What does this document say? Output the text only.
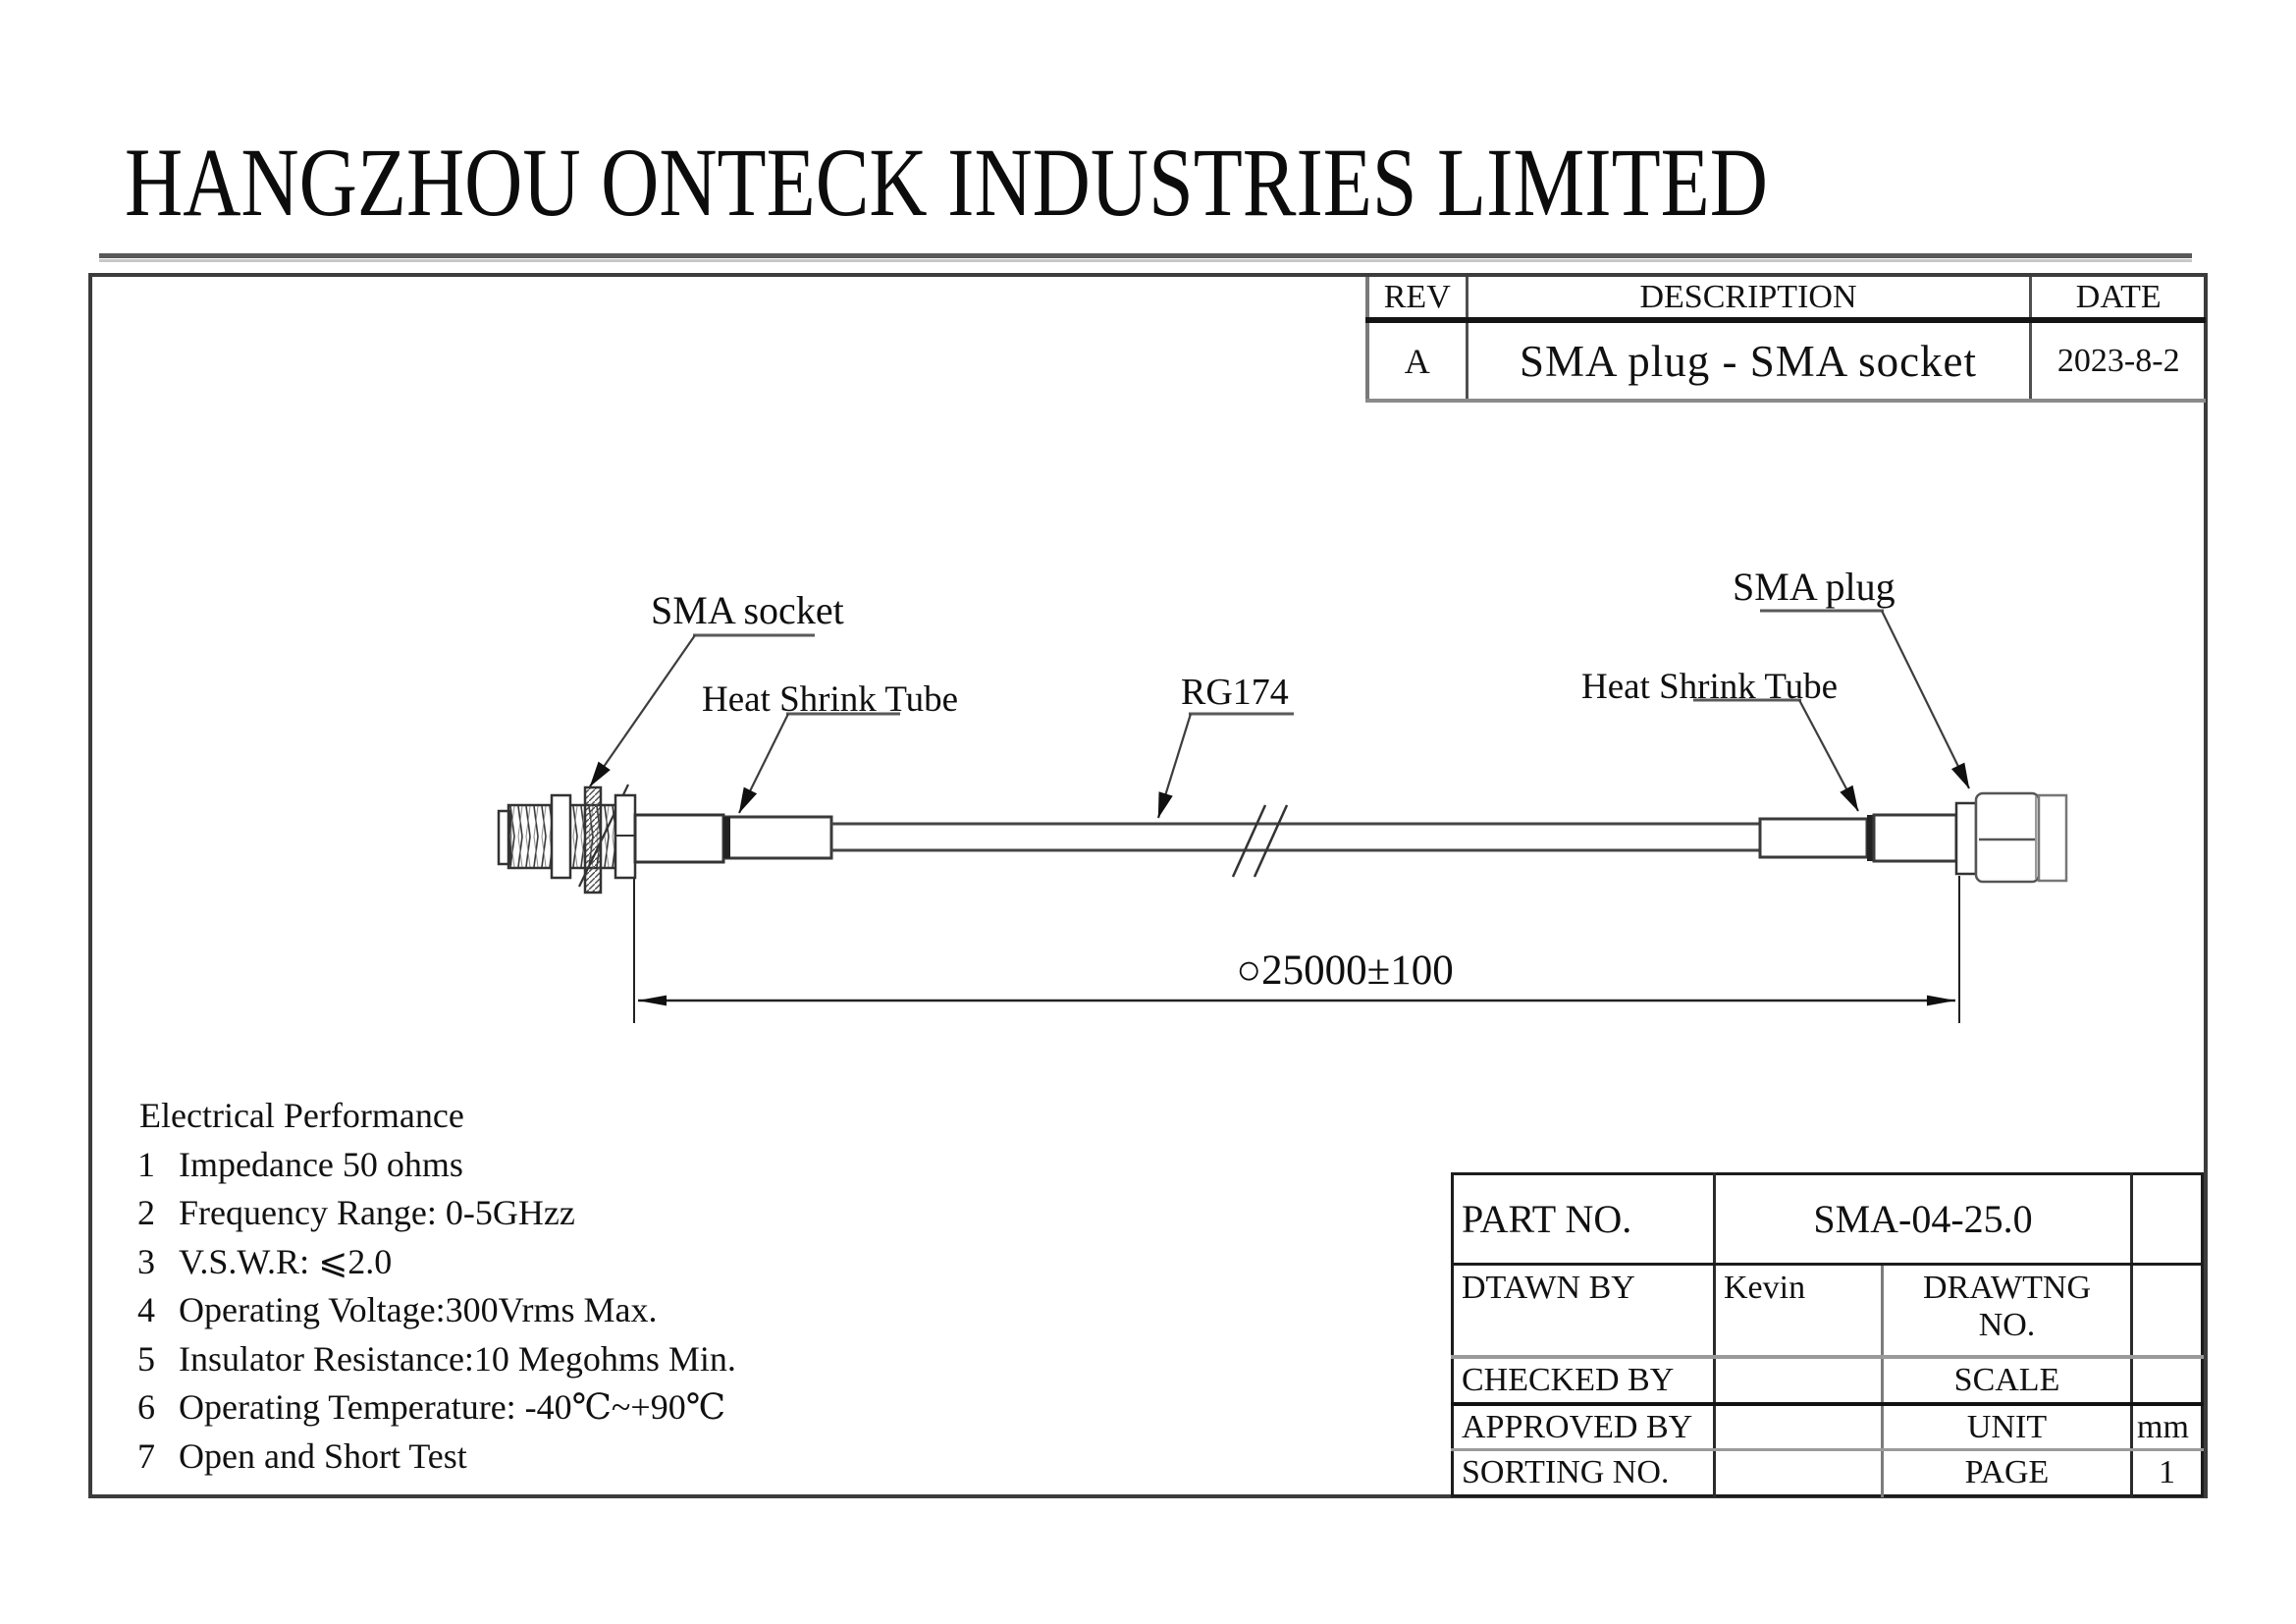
HANGZHOU ONTECK INDUSTRIES LIMITED
REV	DESCRIPTION	DATE
A	SMA plug - SMA socket	2023-8-2
SMA socket
Heat Shrink Tube	RG174	Heat Shrink Tube
SMA plug
○25000±100
Electrical Performance
1 Impedance 50 ohms
2 Frequency Range: 0-5GHzz
3 V.S.W.R: ⩽2.0
4 Operating Voltage:300Vrms Max.
5 Insulator Resistance:10 Megohms Min.
6 Operating Temperature: -40℃~+90℃
7 Open and Short Test
PART NO.	SMA-04-25.0		
DTAWN BY	Kevin	DRAWTNG
NO.	

CHECKED BY		SCALE	
APPROVED BY		UNIT	mm
SORTING NO.		PAGE	1
